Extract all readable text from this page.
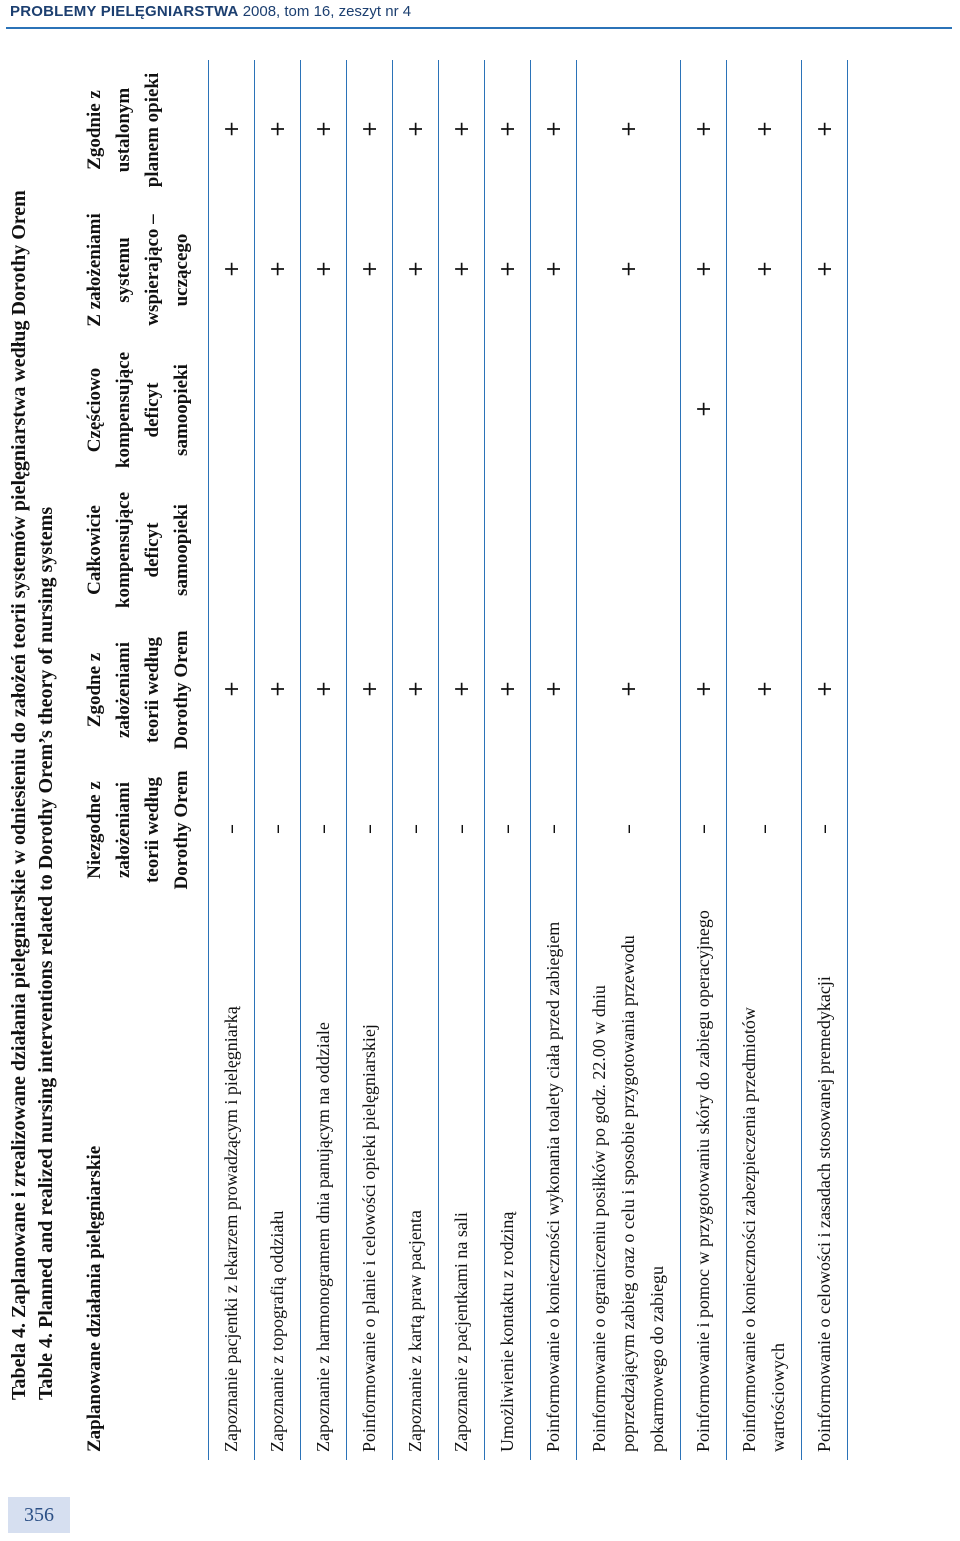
PROBLEMY PIELĘGNIARSTWA 2008, tom 16, zeszyt nr 4
356
Tabela 4. Zaplanowane i zrealizowane działania pielęgniarskie w odniesieniu do założeń teorii systemów pielęgniarstwa według Dorothy Orem Table 4. Planned and realized nursing interventions related to Dorothy Orem’s theory of nursing systems Zaplanowane działania pielęgniarskie	Niezgodne z założeniami teorii według Dorothy Orem	Zgodne z założeniami teorii według Dorothy Orem	Całkowicie kompensujące deficyt samoopieki	Częściowo kompensujące deficyt samoopieki	Z założeniami systemu wspierająco –uczącego	Zgodnie z ustalonym planem opieki
Zapoznanie pacjentki z lekarzem prowadzącym i pielęgniarką	–	+			+	+
Zapoznanie z topografią oddziału	–	+			+	+
Zapoznanie z harmonogramem dnia panującym na oddziale	–	+			+	+
Poinformowanie o planie i celowości opieki pielęgniarskiej	–	+			+	+
Zapoznanie z kartą praw pacjenta	–	+			+	+
Zapoznanie z pacjentkami na sali	–	+			+	+
Umożliwienie kontaktu z rodziną	–	+			+	+
Poinformowanie o konieczności wykonania toalety ciała przed zabiegiem	–	+			+	+
Poinformowanie o ograniczeniu posiłków po godz. 22.00 w dniu poprzedzającym zabieg oraz o celu i sposobie przygotowania przewodu pokarmowego do zabiegu	–	+			+	+
Poinformowanie i pomoc w przygotowaniu skóry do zabiegu operacyjnego	–	+		+	+	+
Poinformowanie o konieczności zabezpieczenia przedmiotów wartościowych	–	+			+	+
Poinformowanie o celowości i zasadach stosowanej premedykacji	–	+			+	+
